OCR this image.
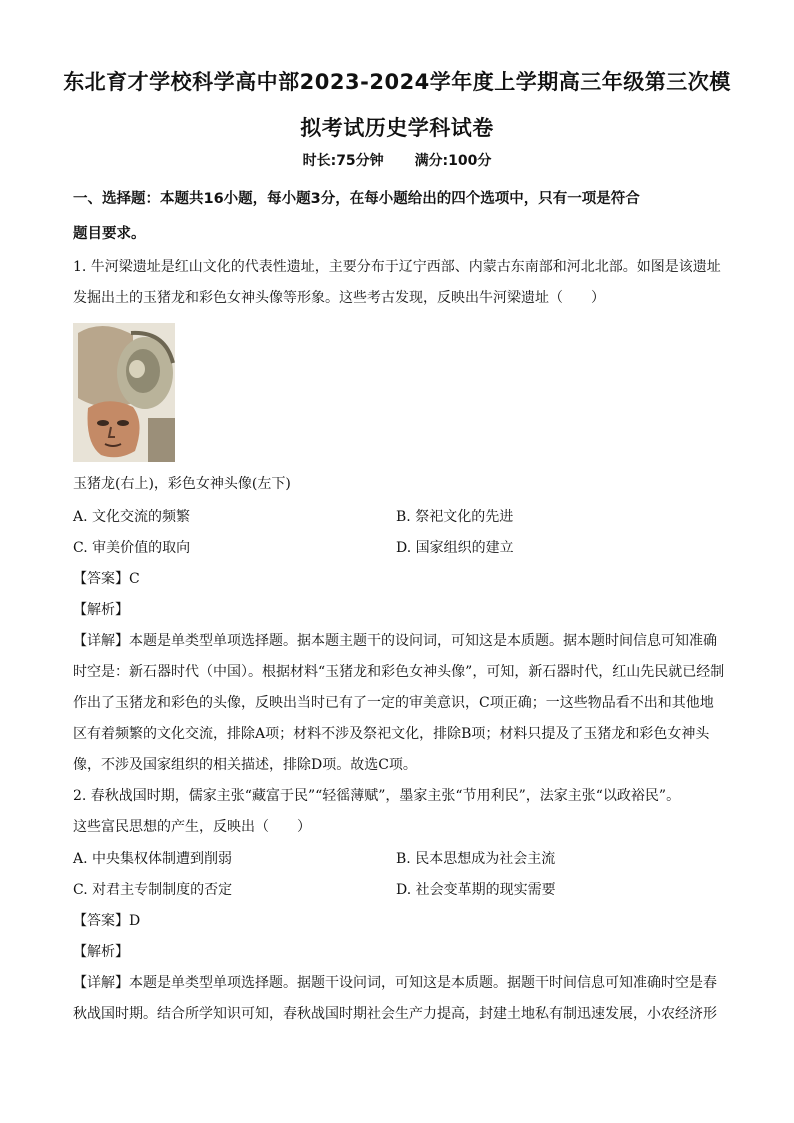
东北育才学校科学高中部2023-2024学年度上学期高三年级第三次模
拟考试历史学科试卷
时长:75分钟 满分:100分
一、选择题：本题共16小题，每小题3分，在每小题给出的四个选项中，只有一项是符合
题目要求。
1. 牛河梁遗址是红山文化的代表性遗址，主要分布于辽宁西部、内蒙古东南部和河北北部。如图是该遗址
发掘出土的玉猪龙和彩色女神头像等形象。这些考古发现，反映出牛河梁遗址（　　）
玉猪龙(右上)，彩色女神头像(左下)
A. 文化交流的频繁	B. 祭祀文化的先进
C. 审美价值的取向	D. 国家组织的建立
【答案】C
【解析】
【详解】本题是单类型单项选择题。据本题主题干的设问词，可知这是本质题。据本题时间信息可知准确
时空是：新石器时代（中国）。根据材料“玉猪龙和彩色女神头像”，可知，新石器时代，红山先民就已经制
作出了玉猪龙和彩色的头像，反映出当时已有了一定的审美意识，C项正确；一这些物品看不出和其他地
区有着频繁的文化交流，排除A项；材料不涉及祭祀文化，排除B项；材料只提及了玉猪龙和彩色女神头
像，不涉及国家组织的相关描述，排除D项。故选C项。
2. 春秋战国时期，儒家主张“藏富于民”“轻徭薄赋”，墨家主张“节用利民”，法家主张“以政裕民”。
这些富民思想的产生，反映出（　　）
A. 中央集权体制遭到削弱	B. 民本思想成为社会主流
C. 对君主专制制度的否定	D. 社会变革期的现实需要
【答案】D
【解析】
【详解】本题是单类型单项选择题。据题干设问词，可知这是本质题。据题干时间信息可知准确时空是春
秋战国时期。结合所学知识可知，春秋战国时期社会生产力提高，封建土地私有制迅速发展，小农经济形
